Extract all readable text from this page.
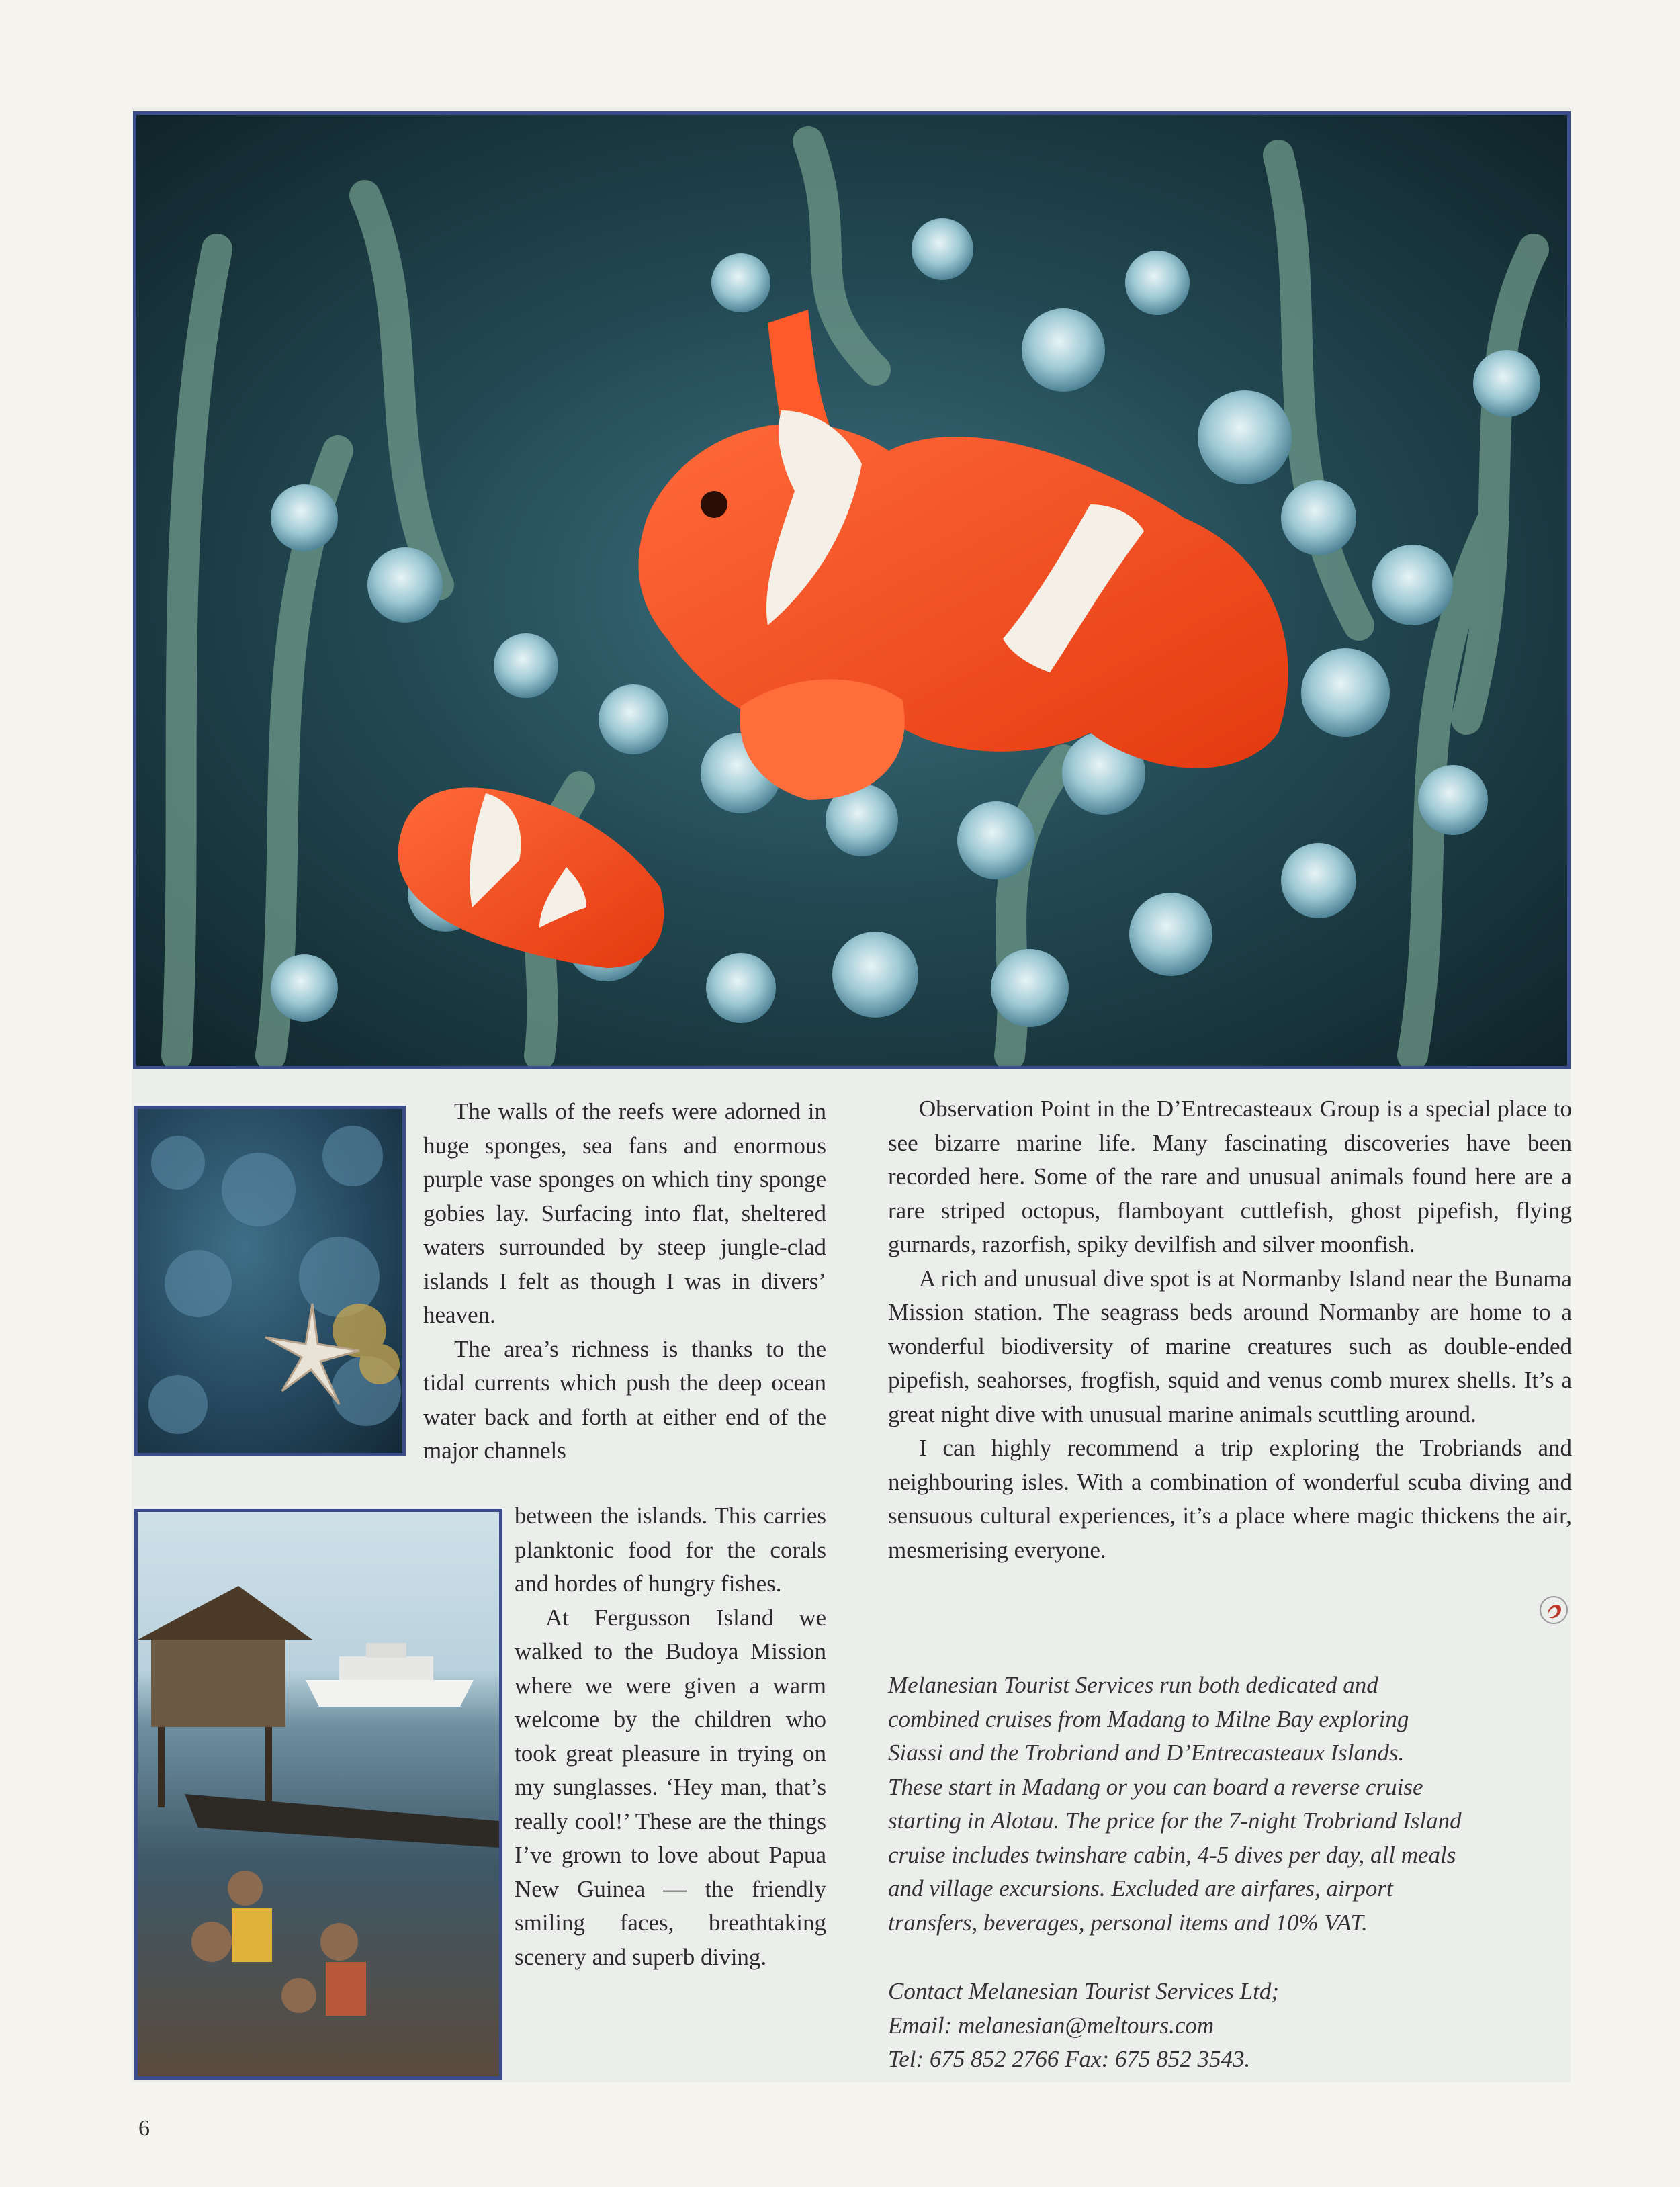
The walls of the reefs were adorned in huge sponges, sea fans and enormous purple vase sponges on which tiny sponge gobies lay. Surfacing into flat, sheltered waters surrounded by steep jungle-clad islands I felt as though I was in divers’ heaven.

The area’s richness is thanks to the tidal currents which push the deep ocean water back and forth at either end of the major channels

between the islands. This carries planktonic food for the corals and hordes of hungry fishes.

At Fergusson Island we walked to the Budoya Mission where we were given a warm welcome by the children who took great pleasure in trying on my sunglasses. ‘Hey man, that’s really cool!’ These are the things I’ve grown to love about Papua New Guinea — the friendly smiling faces, breathtaking scenery and superb diving.

Observation Point in the D’Entrecasteaux Group is a special place to see bizarre marine life. Many fascinating discoveries have been recorded here. Some of the rare and unusual animals found here are a rare striped octopus, flamboyant cuttlefish, ghost pipefish, flying gurnards, razorfish, spiky devilfish and silver moonfish.

A rich and unusual dive spot is at Normanby Island near the Bunama Mission station. The seagrass beds around Normanby are home to a wonderful biodiversity of marine creatures such as double-ended pipefish, seahorses, frogfish, squid and venus comb murex shells. It’s a great night dive with unusual marine animals scuttling around.

I can highly recommend a trip exploring the Trobriands and neighbouring isles. With a combination of wonderful scuba diving and sensuous cultural experiences, it’s a place where magic thickens the air, mesmerising everyone.

Melanesian Tourist Services run both dedicated and
combined cruises from Madang to Milne Bay exploring
Siassi and the Trobriand and D’Entrecasteaux Islands.
These start in Madang or you can board a reverse cruise
starting in Alotau. The price for the 7-night Trobriand Island
cruise includes twinshare cabin, 4-5 dives per day, all meals
and village excursions. Excluded are airfares, airport
transfers, beverages, personal items and 10% VAT.
Contact Melanesian Tourist Services Ltd;
Email: melanesian@meltours.com
Tel: 675 852 2766 Fax: 675 852 3543.
6
